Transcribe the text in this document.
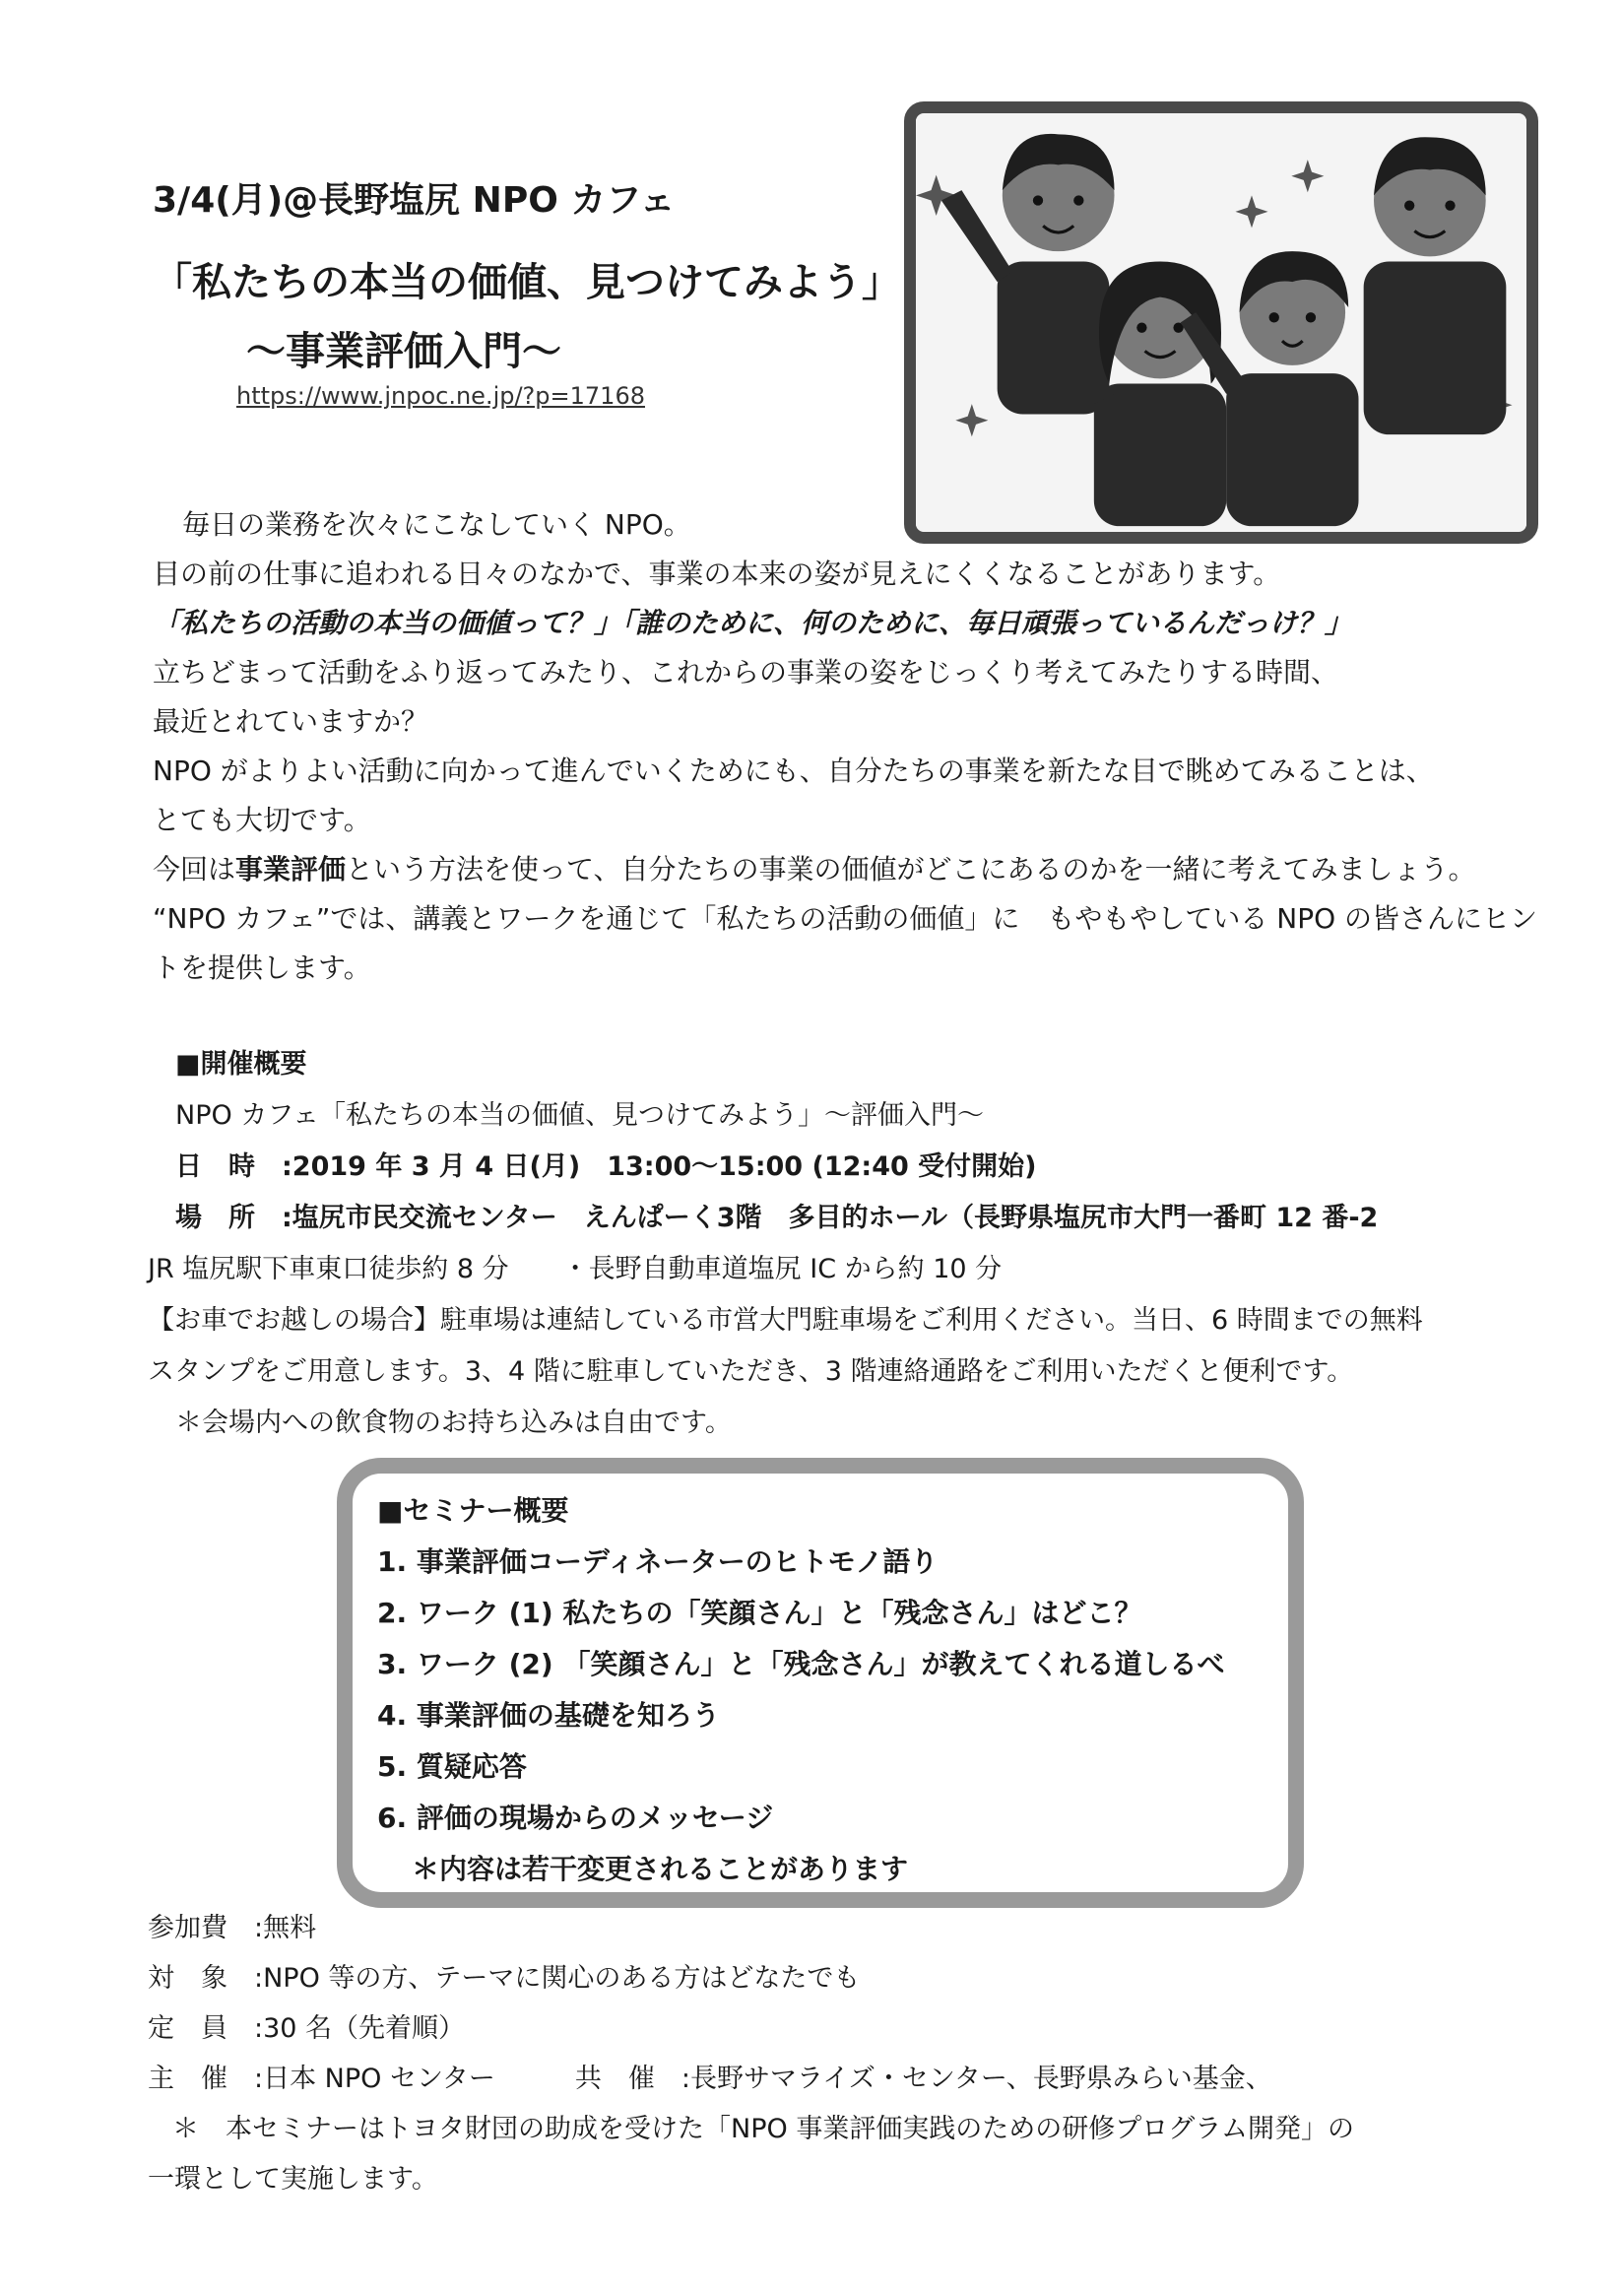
3/4(月)@長野塩尻 NPO カフェ
「私たちの本当の価値、見つけてみよう」
～事業評価入門～
https://www.jnpoc.ne.jp/?p=17168
毎日の業務を次々にこなしていく NPO。
目の前の仕事に追われる日々のなかで、事業の本来の姿が見えにくくなることがあります。
「私たちの活動の本当の価値って？」「誰のために、何のために、毎日頑張っているんだっけ？」
立ちどまって活動をふり返ってみたり、これからの事業の姿をじっくり考えてみたりする時間、
最近とれていますか？
NPO がよりよい活動に向かって進んでいくためにも、自分たちの事業を新たな目で眺めてみることは、
とても大切です。
今回は事業評価という方法を使って、自分たちの事業の価値がどこにあるのかを一緒に考えてみましょう。
“NPO カフェ”では、講義とワークを通じて「私たちの活動の価値」に　もやもやしている NPO の皆さんにヒン
トを提供します。
■開催概要
NPO カフェ「私たちの本当の価値、見つけてみよう」～評価入門～
日　時　:2019 年 3 月 4 日(月)　13:00～15:00 (12:40 受付開始)
場　所　:塩尻市民交流センター　えんぱーく3階　多目的ホール（長野県塩尻市大門一番町 12 番-2
JR 塩尻駅下車東口徒歩約 8 分　　・長野自動車道塩尻 IC から約 10 分
【お車でお越しの場合】駐車場は連結している市営大門駐車場をご利用ください。当日、6 時間までの無料
スタンプをご用意します。3、4 階に駐車していただき、3 階連絡通路をご利用いただくと便利です。
＊会場内への飲食物のお持ち込みは自由です。
■セミナー概要
1. 事業評価コーディネーターのヒトモノ語り
2. ワーク (1) 私たちの「笑顔さん」と「残念さん」はどこ？
3. ワーク (2) 「笑顔さん」と「残念さん」が教えてくれる道しるべ
4. 事業評価の基礎を知ろう
5. 質疑応答
6. 評価の現場からのメッセージ
＊内容は若干変更されることがあります
参加費　:無料
対　象　:NPO 等の方、テーマに関心のある方はどなたでも
定　員　:30 名（先着順）
主　催　:日本 NPO センター　　　共　催　:長野サマライズ・センター、長野県みらい基金、
＊　本セミナーはトヨタ財団の助成を受けた「NPO 事業評価実践のための研修プログラム開発」の
一環として実施します。
